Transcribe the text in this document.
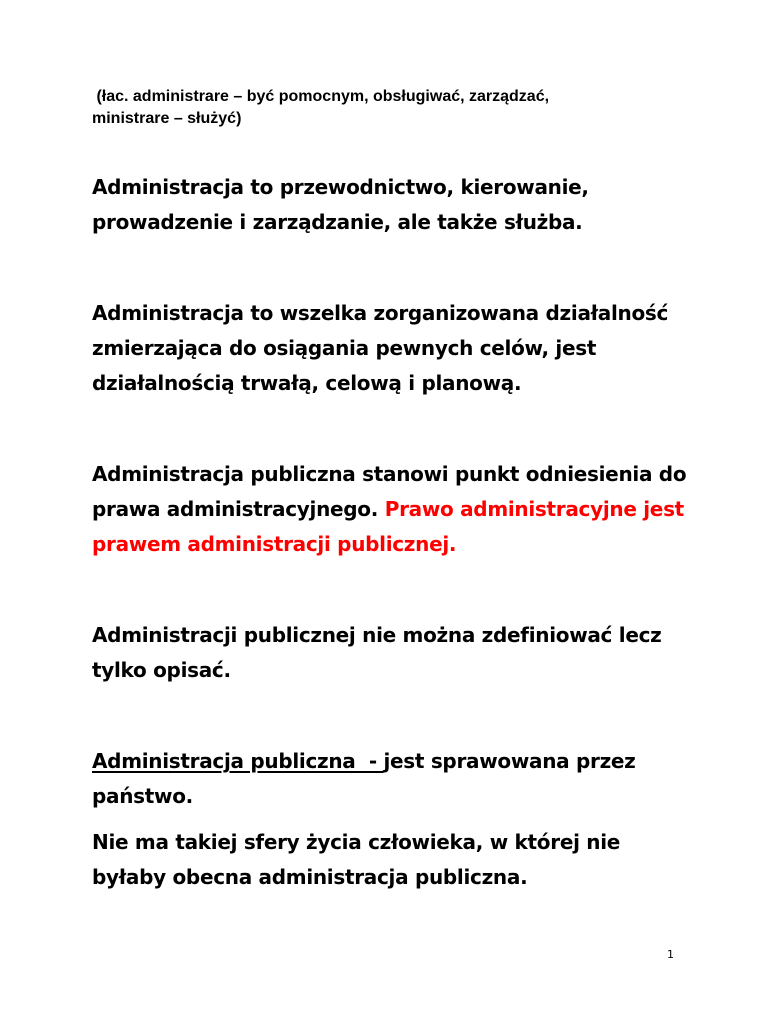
(łac. administrare – być pomocnym, obsługiwać, zarządzać,
ministrare – służyć)
Administracja to przewodnictwo, kierowanie,
prowadzenie i zarządzanie, ale także służba.
Administracja to wszelka zorganizowana działalność
zmierzająca do osiągania pewnych celów, jest
działalnością trwałą, celową i planową.
Administracja publiczna stanowi punkt odniesienia do
prawa administracyjnego. Prawo administracyjne jest
prawem administracji publicznej.
Administracji publicznej nie można zdefiniować lecz
tylko opisać.
Administracja publiczna  - jest sprawowana przez
państwo.
Nie ma takiej sfery życia człowieka, w której nie
byłaby obecna administracja publiczna.
1
